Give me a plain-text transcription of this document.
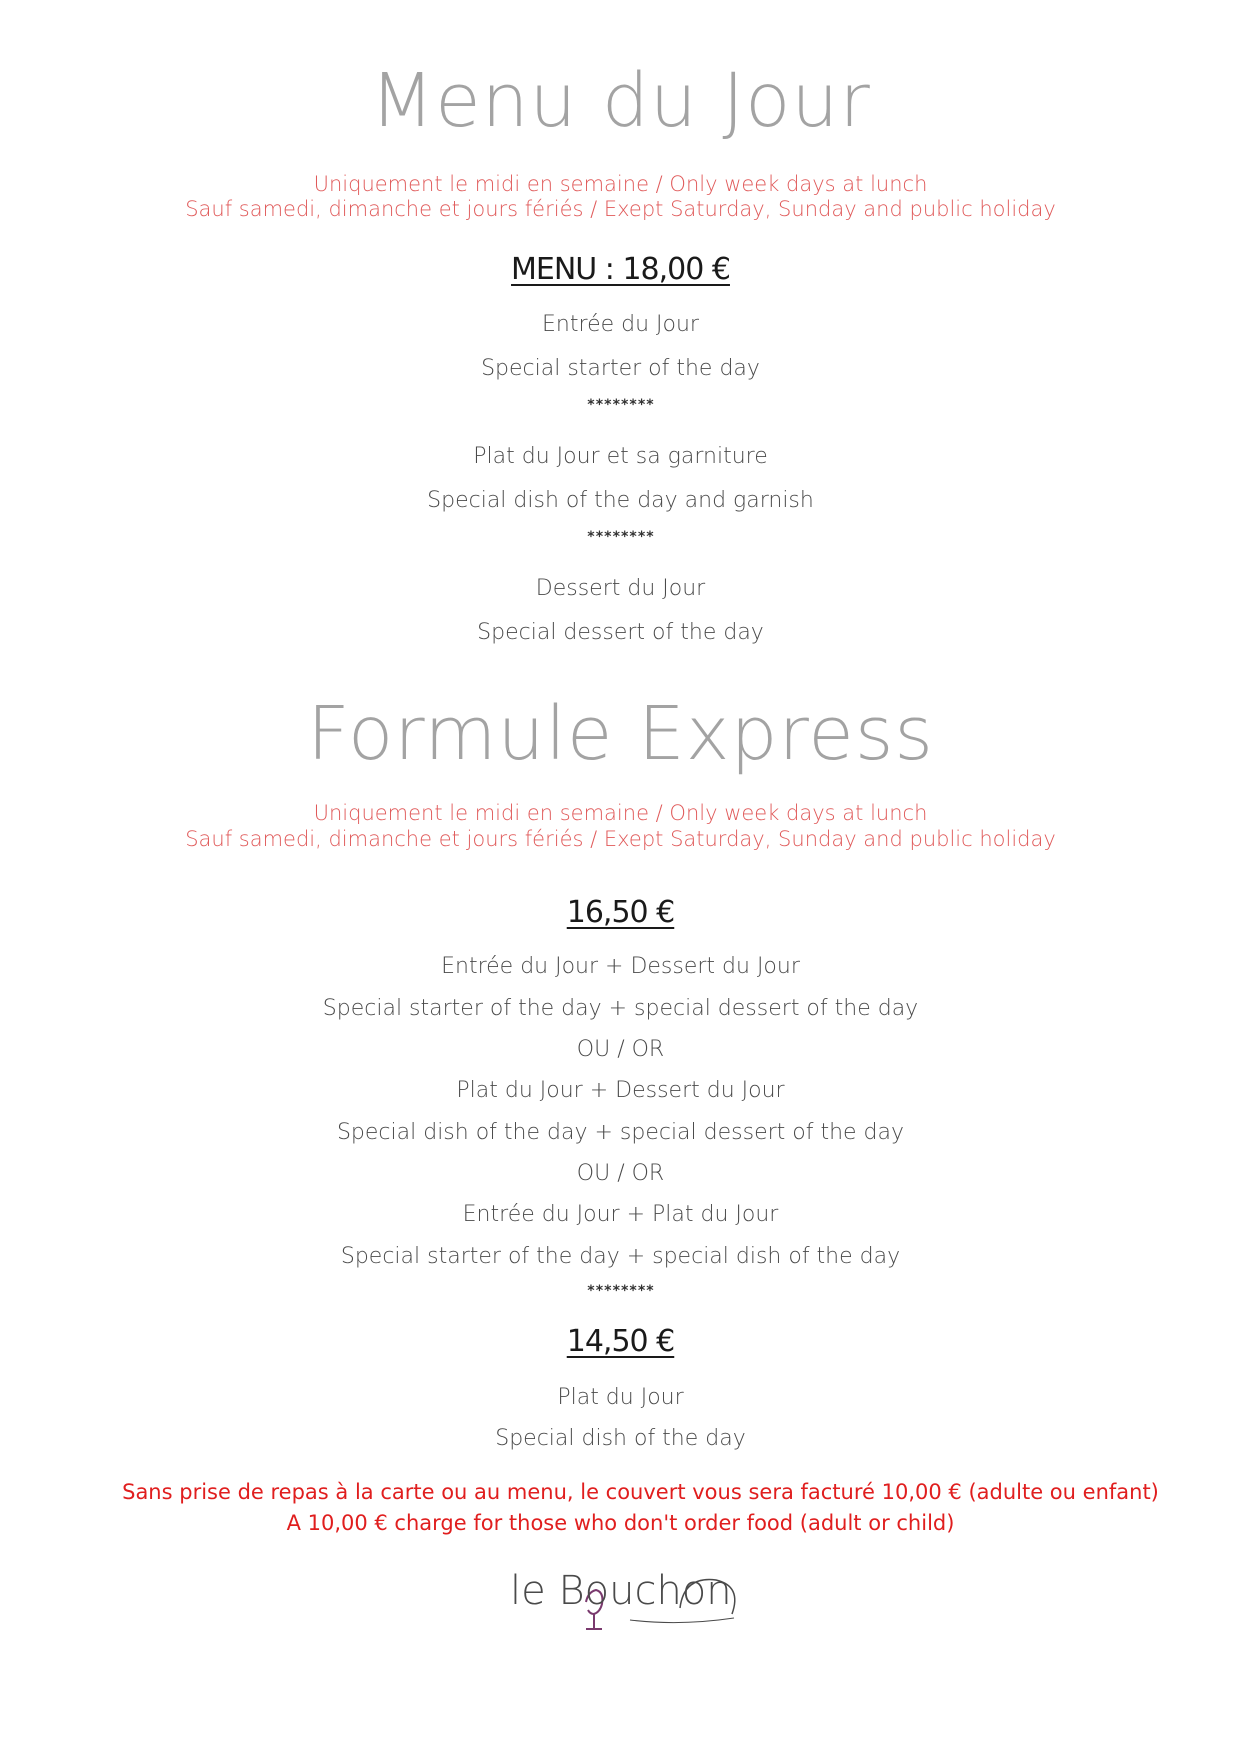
Menu du Jour
Uniquement le midi en semaine / Only week days at lunch
Sauf samedi, dimanche et jours fériés / Exept Saturday, Sunday and public holiday
MENU : 18,00 €
Entrée du Jour
Special starter of the day
********
Plat du Jour et sa garniture
Special dish of the day and garnish
********
Dessert du Jour
Special dessert of the day
Formule Express
Uniquement le midi en semaine / Only week days at lunch
Sauf samedi, dimanche et jours fériés / Exept Saturday, Sunday and public holiday
16,50 €
Entrée du Jour + Dessert du Jour
Special starter of the day + special dessert of the day
OU / OR
Plat du Jour + Dessert du Jour
Special dish of the day + special dessert of the day
OU / OR
Entrée du Jour + Plat du Jour
Special starter of the day + special dish of the day
********
14,50 €
Plat du Jour
Special dish of the day
Sans prise de repas à la carte ou au menu, le couvert vous sera facturé 10,00 € (adulte ou enfant)
A 10,00 € charge for those who don't order food (adult or child)
le Bouchon
